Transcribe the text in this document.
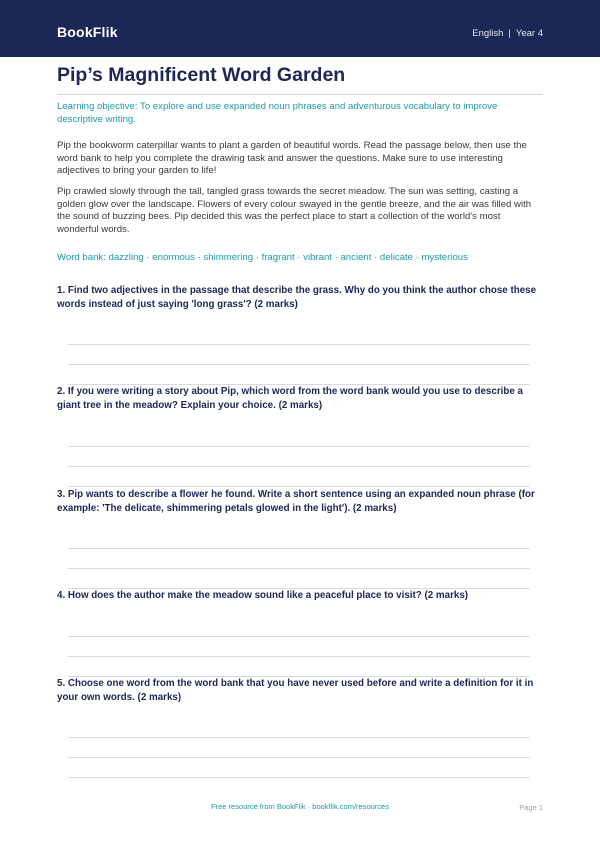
BookFlik	English | Year 4
Pip’s Magnificent Word Garden

Learning objective: To explore and use expanded noun phrases and adventurous vocabulary to improve descriptive writing.

Pip the bookworm caterpillar wants to plant a garden of beautiful words. Read the passage below, then use the word bank to help you complete the drawing task and answer the questions. Make sure to use interesting adjectives to bring your garden to life!

Pip crawled slowly through the tall, tangled grass towards the secret meadow. The sun was setting, casting a golden glow over the landscape. Flowers of every colour swayed in the gentle breeze, and the air was filled with the sound of buzzing bees. Pip decided this was the perfect place to start a collection of the world's most wonderful words.

Word bank: dazzling · enormous · shimmering · fragrant · vibrant · ancient · delicate · mysterious

1. Find two adjectives in the passage that describe the grass. Why do you think the author chose these words instead of just saying 'long grass'? (2 marks)

2. If you were writing a story about Pip, which word from the word bank would you use to describe a giant tree in the meadow? Explain your choice. (2 marks)

3. Pip wants to describe a flower he found. Write a short sentence using an expanded noun phrase (for example: 'The delicate, shimmering petals glowed in the light'). (2 marks)

4. How does the author make the meadow sound like a peaceful place to visit? (2 marks)

5. Choose one word from the word bank that you have never used before and write a definition for it in your own words. (2 marks)

Free resource from BookFlik · bookflik.com/resources	Page 1
